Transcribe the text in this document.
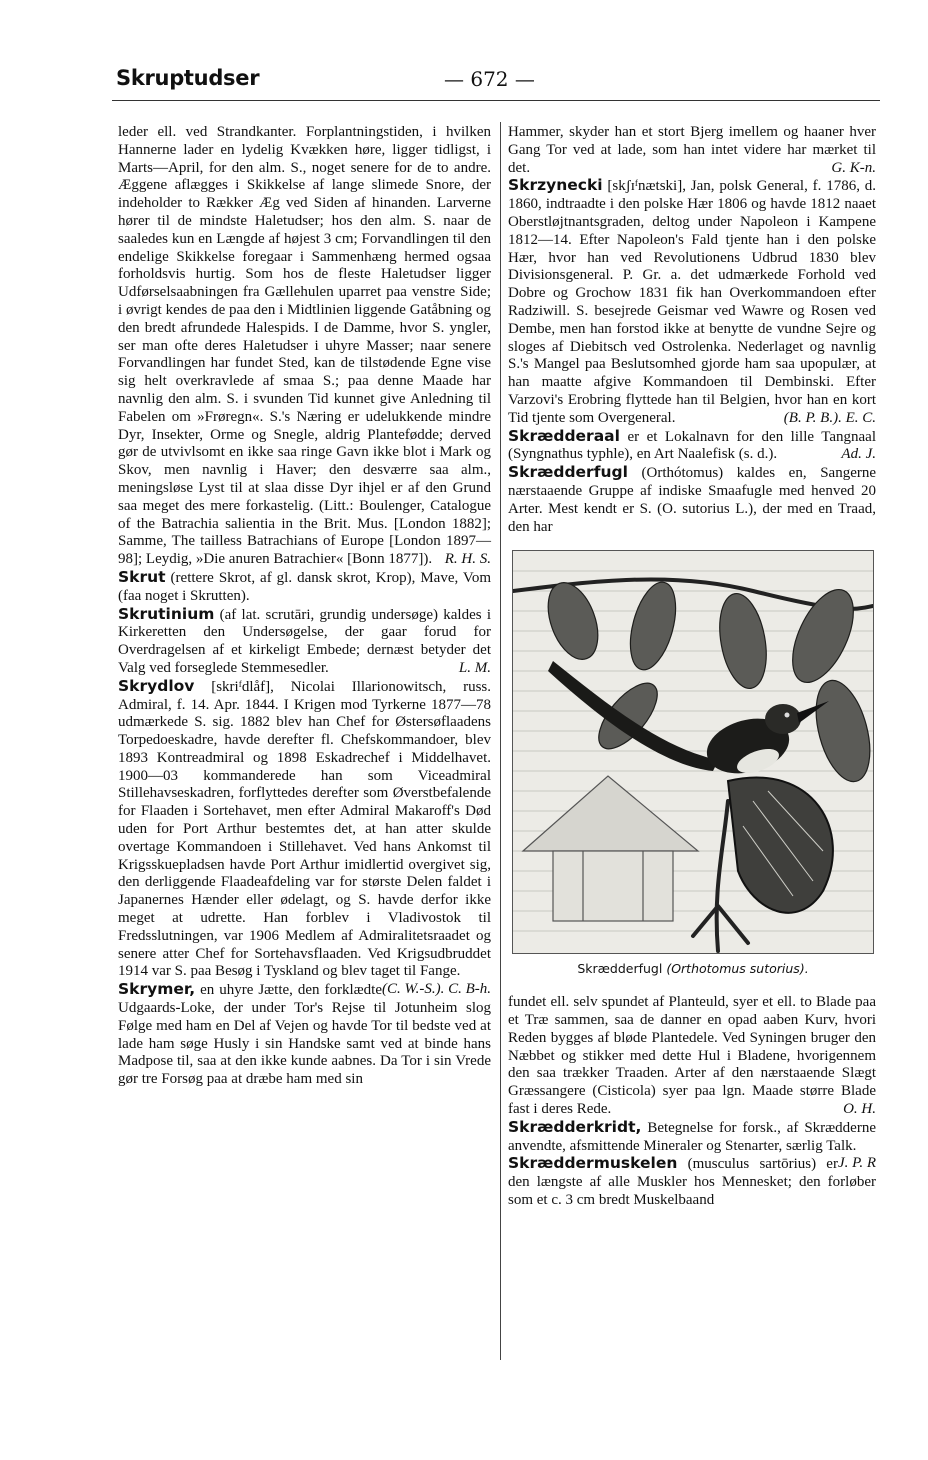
Skruptudser	— 672 —

leder ell. ved Strandkanter. Forplantningstiden, i hvilken Hannerne lader en lydelig Kvækken høre, ligger tidligst, i Marts—April, for den alm. S., noget senere for de to andre. Æggene aflægges i Skikkelse af lange slimede Snore, der indeholder to Rækker Æg ved Siden af hinanden. Larverne hører til de mindste Haletudser; hos den alm. S. naar de saaledes kun en Længde af højest 3 cm; Forvandlingen til den endelige Skikkelse foregaar i Sammenhæng hermed ogsaa forholdsvis hurtig. Som hos de fleste Haletudser ligger Udførselsaabningen fra Gællehulen uparret paa venstre Side; i øvrigt kendes de paa den i Midtlinien liggende Gatåbning og den bredt afrundede Halespids. I de Damme, hvor S. yngler, ser man ofte deres Haletudser i uhyre Masser; naar senere Forvandlingen har fundet Sted, kan de tilstødende Egne vise sig helt overkravlede af smaa S.; paa denne Maade har navnlig den alm. S. i svunden Tid kunnet give Anledning til Fabelen om »Frøregn«. S.'s Næring er udelukkende mindre Dyr, Insekter, Orme og Snegle, aldrig Plantefødde; derved gør de utvivlsomt en ikke saa ringe Gavn ikke blot i Mark og Skov, men navnlig i Haver; den desværre saa alm., meningsløse Lyst til at slaa disse Dyr ihjel er af den Grund saa meget des mere forkastelig. (Litt.: Boulenger, Catalogue of the Batrachia salientia in the Brit. Mus. [London 1882]; Samme, The tailless Batrachians of Europe [London 1897—98]; Leydig, »Die anuren Batrachier« [Bonn 1877]). R. H. S.

Skrut (rettere Skrot, af gl. dansk skrot, Krop), Mave, Vom (faa noget i Skrutten).

Skrutinium (af lat. scrutāri, grundig undersøge) kaldes i Kirkeretten den Undersøgelse, der gaar forud for Overdragelsen af et kirkeligt Embede; dernæst betyder det Valg ved forseglede Stemmesedler.	L. M.

Skrydlov [skriᶠdlåf], Nicolai Illarionowitsch, russ. Admiral, f. 14. Apr. 1844. I Krigen mod Tyrkerne 1877—78 udmærkede S. sig. 1882 blev han Chef for Østersøflaadens Torpedoeskadre, havde derefter fl. Chefskommandoer, blev 1893 Kontreadmiral og 1898 Eskadrechef i Middelhavet. 1900—03 kommanderede han som Viceadmiral Stillehavseskadren, forflyttedes derefter som Øverstbefalende for Flaaden i Sortehavet, men efter Admiral Makaroff's Død uden for Port Arthur bestemtes det, at han atter skulde overtage Kommandoen i Stillehavet. Ved hans Ankomst til Krigsskuepladsen havde Port Arthur imidlertid overgivet sig, den derliggende Flaadeafdeling var for største Delen faldet i Japanernes Hænder eller ødelagt, og S. havde derfor ikke meget at udrette. Han forblev i Vladivostok til Fredsslutningen, var 1906 Medlem af Admiralitetsraadet og senere atter Chef for Sortehavsflaaden. Ved Krigsudbruddet 1914 var S. paa Besøg i Tyskland og blev taget til Fange.
(C. W.-S.). C. B-h.

Skrymer, en uhyre Jætte, den forklædte Udgaards-Loke, der under Tor's Rejse til Jotunheim slog Følge med ham en Del af Vejen og havde Tor til bedste ved at lade ham søge Husly i sin Handske samt ved at binde hans Madpose til, saa at den ikke kunde aabnes. Da Tor i sin Vrede gør tre Forsøg paa at dræbe ham med sin

Hammer, skyder han et stort Bjerg imellem og haaner hver Gang Tor ved at lade, som han intet videre har mærket til det.	G. K-n.

Skrzynecki [skʃɪᶠnætski], Jan, polsk General, f. 1786, d. 1860, indtraadte i den polske Hær 1806 og havde 1812 naaet Oberstløjtnantsgraden, deltog under Napoleon i Kampene 1812—14. Efter Napoleon's Fald tjente han i den polske Hær, hvor han ved Revolutionens Udbrud 1830 blev Divisionsgeneral. P. Gr. a. det udmærkede Forhold ved Dobre og Grochow 1831 fik han Overkommandoen efter Radziwill. S. besejrede Geismar ved Wawre og Rosen ved Dembe, men han forstod ikke at benytte de vundne Sejre og sloges af Diebitsch ved Ostrolenka. Nederlaget og navnlig S.'s Mangel paa Beslutsomhed gjorde ham saa upopulær, at han maatte afgive Kommandoen til Dembinski. Efter Varzovi's Erobring flyttede han til Belgien, hvor han en kort Tid tjente som Overgeneral.	(B. P. B.). E. C.

Skrædderaal er et Lokalnavn for den lille Tangnaal (Syngnathus typhle), en Art Naalefisk (s. d.).	Ad. J.

Skrædderfugl (Orthótomus) kaldes en, Sangerne nærstaaende Gruppe af indiske Smaafugle med henved 20 Arter. Mest kendt er S. (O. sutorius L.), der med en Traad, den har

Skrædderfugl (Orthotomus sutorius).

fundet ell. selv spundet af Planteuld, syer et ell. to Blade paa et Træ sammen, saa de danner en opad aaben Kurv, hvori Reden bygges af bløde Plantedele. Ved Syningen bruger den Næbbet og stikker med dette Hul i Bladene, hvorigennem den saa trækker Traaden. Arter af den nærstaaende Slægt Græssangere (Cisticola) syer paa lgn. Maade større Blade fast i deres Rede.	O. H.

Skrædderkridt, Betegnelse for forsk., af Skrædderne anvendte, afsmittende Mineraler og Stenarter, særlig Talk.
J. P. R

Skræddermuskelen (musculus sartōrius) er den længste af alle Muskler hos Mennesket; den forløber som et c. 3 cm bredt Muskelbaand
